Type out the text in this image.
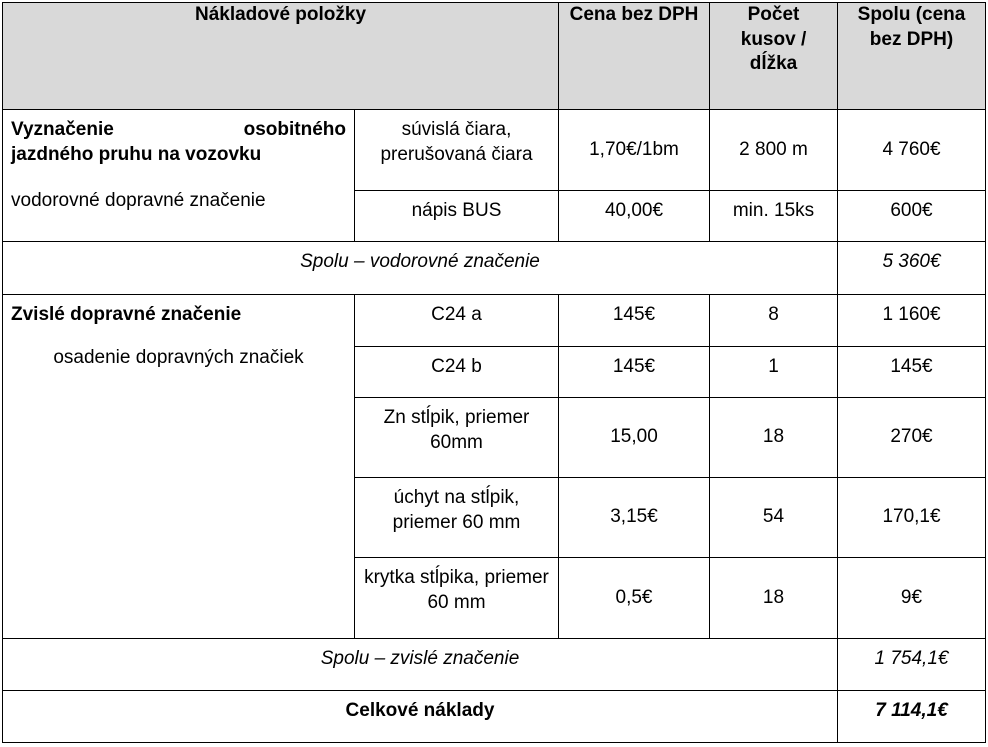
Nákladové položky		Cena bez DPH	Počet kusov / dĺžka	Spolu (cena bez DPH)

Vyznačenie osobitného
jazdného pruhu na vozovku
vodorovné dopravné značenie	súvislá čiara, prerušovaná čiara	1,70€/1bm	2 800 m	4 760€
	nápis BUS	40,00€	min. 15ks	600€
Spolu – vodorovné značenie				5 360€

Zvislé dopravné značenie
osadenie dopravných značiek	C24 a	145€	8	1 160€
	C24 b	145€	1	145€
	Zn stĺpik, priemer 60mm	15,00	18	270€
	úchyt na stĺpik, priemer 60 mm	3,15€	54	170,1€
	krytka stĺpika, priemer 60 mm	0,5€	18	9€
Spolu – zvislé značenie				1 754,1€
Celkové náklady				7 114,1€
